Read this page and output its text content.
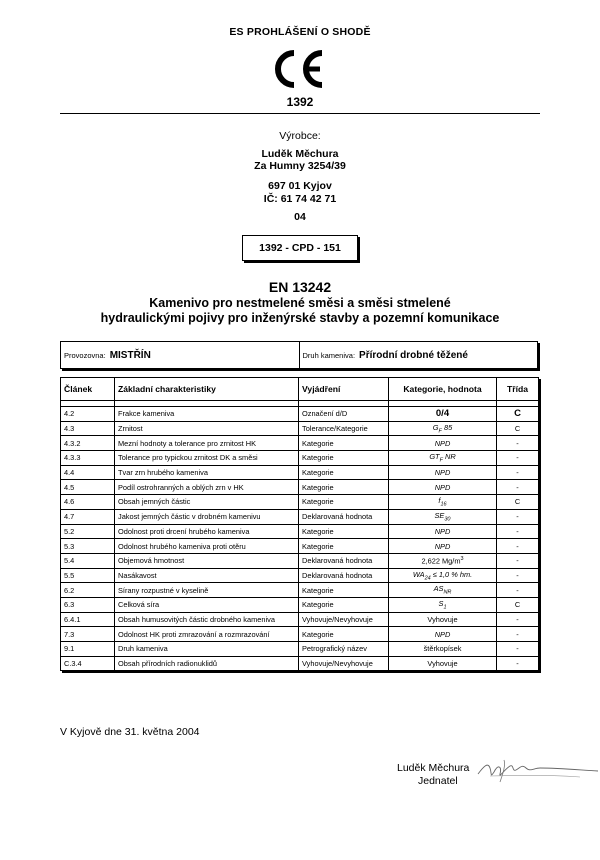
ES PROHLÁŠENÍ O SHODĚ
1392
Výrobce:
Luděk Měchura
Za Humny 3254/39
697 01 Kyjov
IČ: 61 74 42 71
04
1392 - CPD - 151
EN 13242
Kamenivo pro nestmelené směsi a směsi stmelené
hydraulickými pojivy pro inženýrské stavby a pozemní komunikace
Provozovna: MISTŘÍN	Druh kameniva: Přírodní drobné těžené
Článek	Základní charakteristiky	Vyjádření	Kategorie, hodnota	Třída

4.2	Frakce kameniva	Označení d/D	0/4	C
4.3	Zrnitost	Tolerance/Kategorie	$G_F$ 85	C
4.3.2	Mezní hodnoty a tolerance pro zrnitost HK	Kategorie	NPD	-
4.3.3	Tolerance pro typickou zrnitost DK a směsi	Kategorie	$GT_F$ NR	-
4.4	Tvar zrn hrubého kameniva	Kategorie	NPD	-
4.5	Podíl ostrohranných a oblých zrn v HK	Kategorie	NPD	-
4.6	Obsah jemných částic	Kategorie	$f_{16}$	C
4.7	Jakost jemných částic v drobném kamenivu	Deklarovaná hodnota	$SE_{30}$	-
5.2	Odolnost proti drcení hrubého kameniva	Kategorie	NPD	-
5.3	Odolnost hrubého kameniva proti otěru	Kategorie	NPD	-
5.4	Objemová hmotnost	Deklarovaná hodnota	2,622 $Mg/m^3$	-
5.5	Nasákavost	Deklarovaná hodnota	$WA_{24} \le 1,0$ % hm.	-
6.2	Sírany rozpustné v kyselině	Kategorie	$AS_{NR}$	-
6.3	Celková síra	Kategorie	$S_1$	C
6.4.1	Obsah humusovitých částic drobného kameniva	Vyhovuje/Nevyhovuje	Vyhovuje	-
7.3	Odolnost HK proti zmrazování a rozmrazování	Kategorie	NPD	-
9.1	Druh kameniva	Petrografický název	štěrkopísek	-
C.3.4	Obsah přírodních radionuklidů	Vyhovuje/Nevyhovuje	Vyhovuje	-
V Kyjově dne 31. května 2004
Luděk Měchura
Jednatel
